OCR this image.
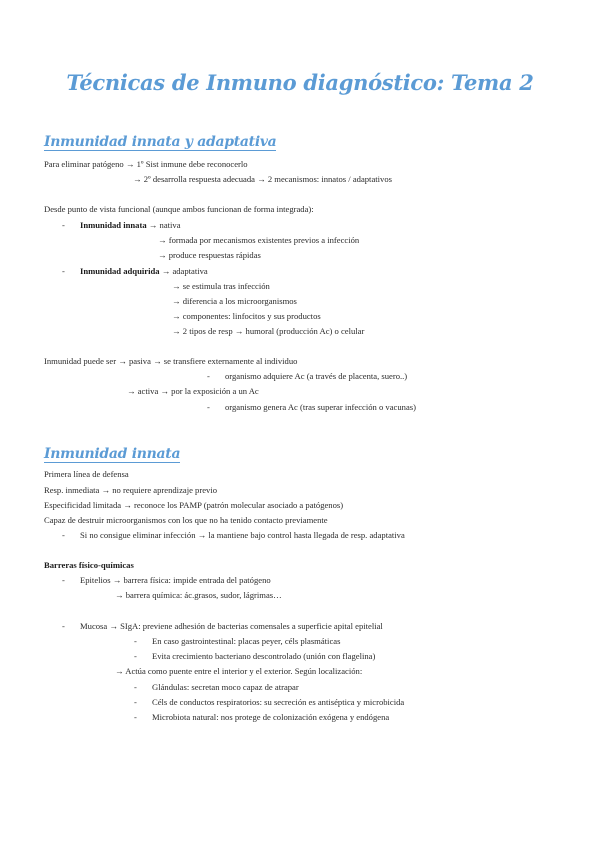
Técnicas de Inmuno diagnóstico: Tema 2
Inmunidad innata y adaptativa
Para eliminar patógeno → 1º Sist inmune debe reconocerlo
→ 2º desarrolla respuesta adecuada → 2 mecanismos: innatos / adaptativos
Desde punto de vista funcional (aunque ambos funcionan de forma integrada):
- Inmunidad innata → nativa
→ formada por mecanismos existentes previos a infección
→ produce respuestas rápidas
- Inmunidad adquirida → adaptativa
→ se estimula tras infección
→ diferencia a los microorganismos
→ componentes: linfocitos y sus productos
→ 2 tipos de resp → humoral (producción Ac) o celular
Inmunidad puede ser → pasiva → se transfiere externamente al individuo
- organismo adquiere Ac (a través de placenta, suero..)
→ activa → por la exposición a un Ac
- organismo genera Ac (tras superar infección o vacunas)
Inmunidad innata
Primera línea de defensa
Resp. inmediata → no requiere aprendizaje previo
Especificidad limitada → reconoce los PAMP (patrón molecular asociado a patógenos)
Capaz de destruir microorganismos con los que no ha tenido contacto previamente
- Si no consigue eliminar infección → la mantiene bajo control hasta llegada de resp. adaptativa
Barreras físico-químicas
- Epitelios → barrera física: impide entrada del patógeno
→ barrera química: ác.grasos, sudor, lágrimas…
- Mucosa → SIgA: previene adhesión de bacterias comensales a superficie apital epitelial
- En caso gastrointestinal: placas peyer, céls plasmáticas
- Evita crecimiento bacteriano descontrolado (unión con flagelina)
→ Actúa como puente entre el interior y el exterior. Según localización:
- Glándulas: secretan moco capaz de atrapar
- Céls de conductos respiratorios: su secreción es antiséptica y microbicida
- Microbiota natural: nos protege de colonización exógena y endógena
